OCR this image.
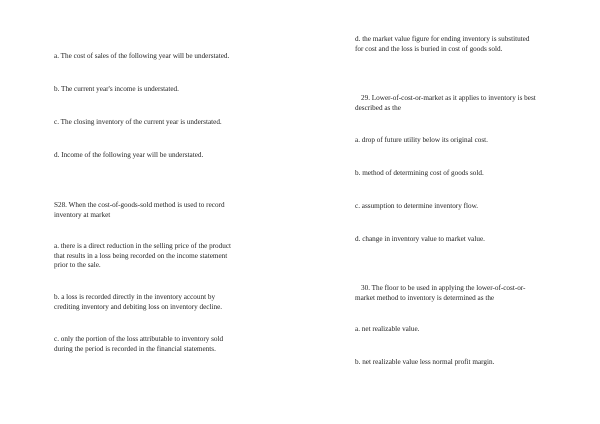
a. The cost of sales of the following year will be understated.

b. The current year's income is understated.

c. The closing inventory of the current year is understated.

d. Income of the following year will be understated.

S28. When the cost-of-goods-sold method is used to record
inventory at market

a. there is a direct reduction in the selling price of the product
that results in a loss being recorded on the income statement
prior to the sale.

b. a loss is recorded directly in the inventory account by
crediting inventory and debiting loss on inventory decline.

c. only the portion of the loss attributable to inventory sold
during the period is recorded in the financial statements.

d. the market value figure for ending inventory is substituted
for cost and the loss is buried in cost of goods sold.

29. Lower-of-cost-or-market as it applies to inventory is best
described as the

a. drop of future utility below its original cost.

b. method of determining cost of goods sold.

c. assumption to determine inventory flow.

d. change in inventory value to market value.

30. The floor to be used in applying the lower-of-cost-or-
market method to inventory is determined as the

a. net realizable value.

b. net realizable value less normal profit margin.
